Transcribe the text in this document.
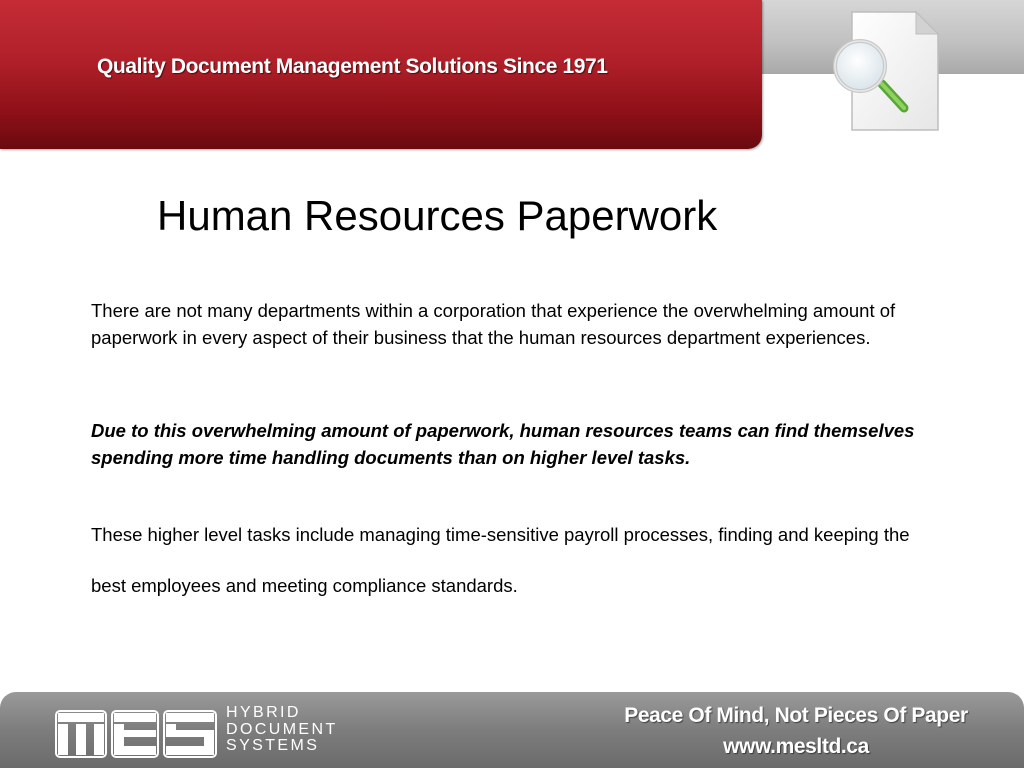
Quality Document Management Solutions Since 1971
Human Resources Paperwork
There are not many departments within a corporation that experience the overwhelming amount of paperwork in every aspect of their business that the human resources department experiences.
Due to this overwhelming amount of paperwork, human resources teams can find themselves spending more time handling documents than on higher level tasks.
These higher level tasks include managing time-sensitive payroll processes, finding and keeping the best employees and meeting compliance standards.
HYBRID
DOCUMENT
SYSTEMS
Peace Of Mind, Not Pieces Of Paper
www.mesltd.ca
